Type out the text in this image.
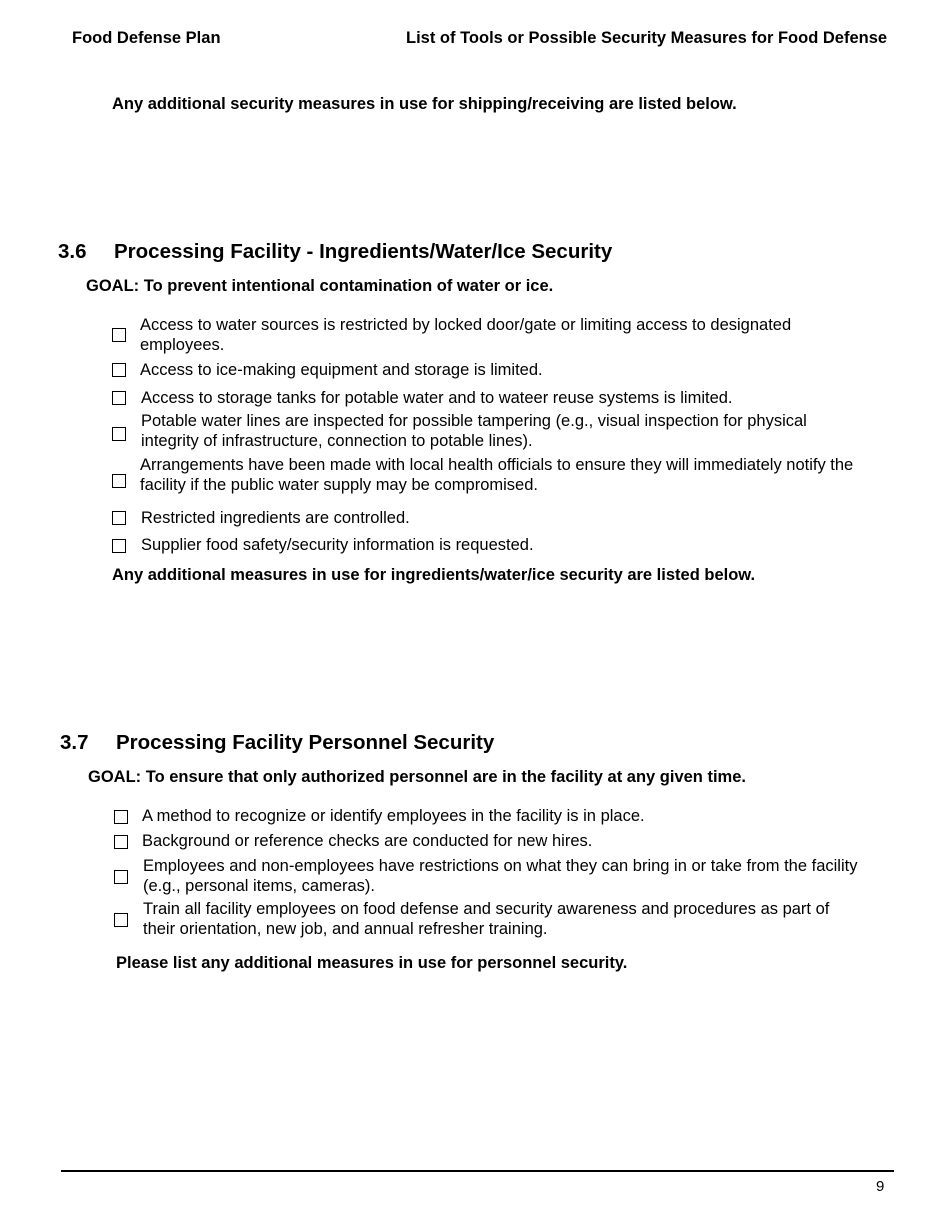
Food Defense Plan	List of Tools or Possible Security Measures for Food Defense
Any additional security measures in use for shipping/receiving are listed below.
3.6 Processing Facility - Ingredients/Water/Ice Security
GOAL: To prevent intentional contamination of water or ice.
Access to water sources is restricted by locked door/gate or limiting access to designated employees.
Access to ice-making equipment and storage is limited.
Access to storage tanks for potable water and to wateer reuse systems is limited.
Potable water lines are inspected for possible tampering (e.g., visual inspection for physical integrity of infrastructure, connection to potable lines).
Arrangements have been made with local health officials to ensure they will immediately notify the facility if the public water supply may be compromised.
Restricted ingredients are controlled.
Supplier food safety/security information is requested.
Any additional measures in use for ingredients/water/ice security are listed below.
3.7 Processing Facility Personnel Security
GOAL: To ensure that only authorized personnel are in the facility at any given time.
A method to recognize or identify employees in the facility is in place.
Background or reference checks are conducted for new hires.
Employees and non-employees have restrictions on what they can bring in or take from the facility (e.g., personal items, cameras).
Train all facility employees on food defense and security awareness and procedures as part of their orientation, new job, and annual refresher training.
Please list any additional measures in use for personnel security.
9
